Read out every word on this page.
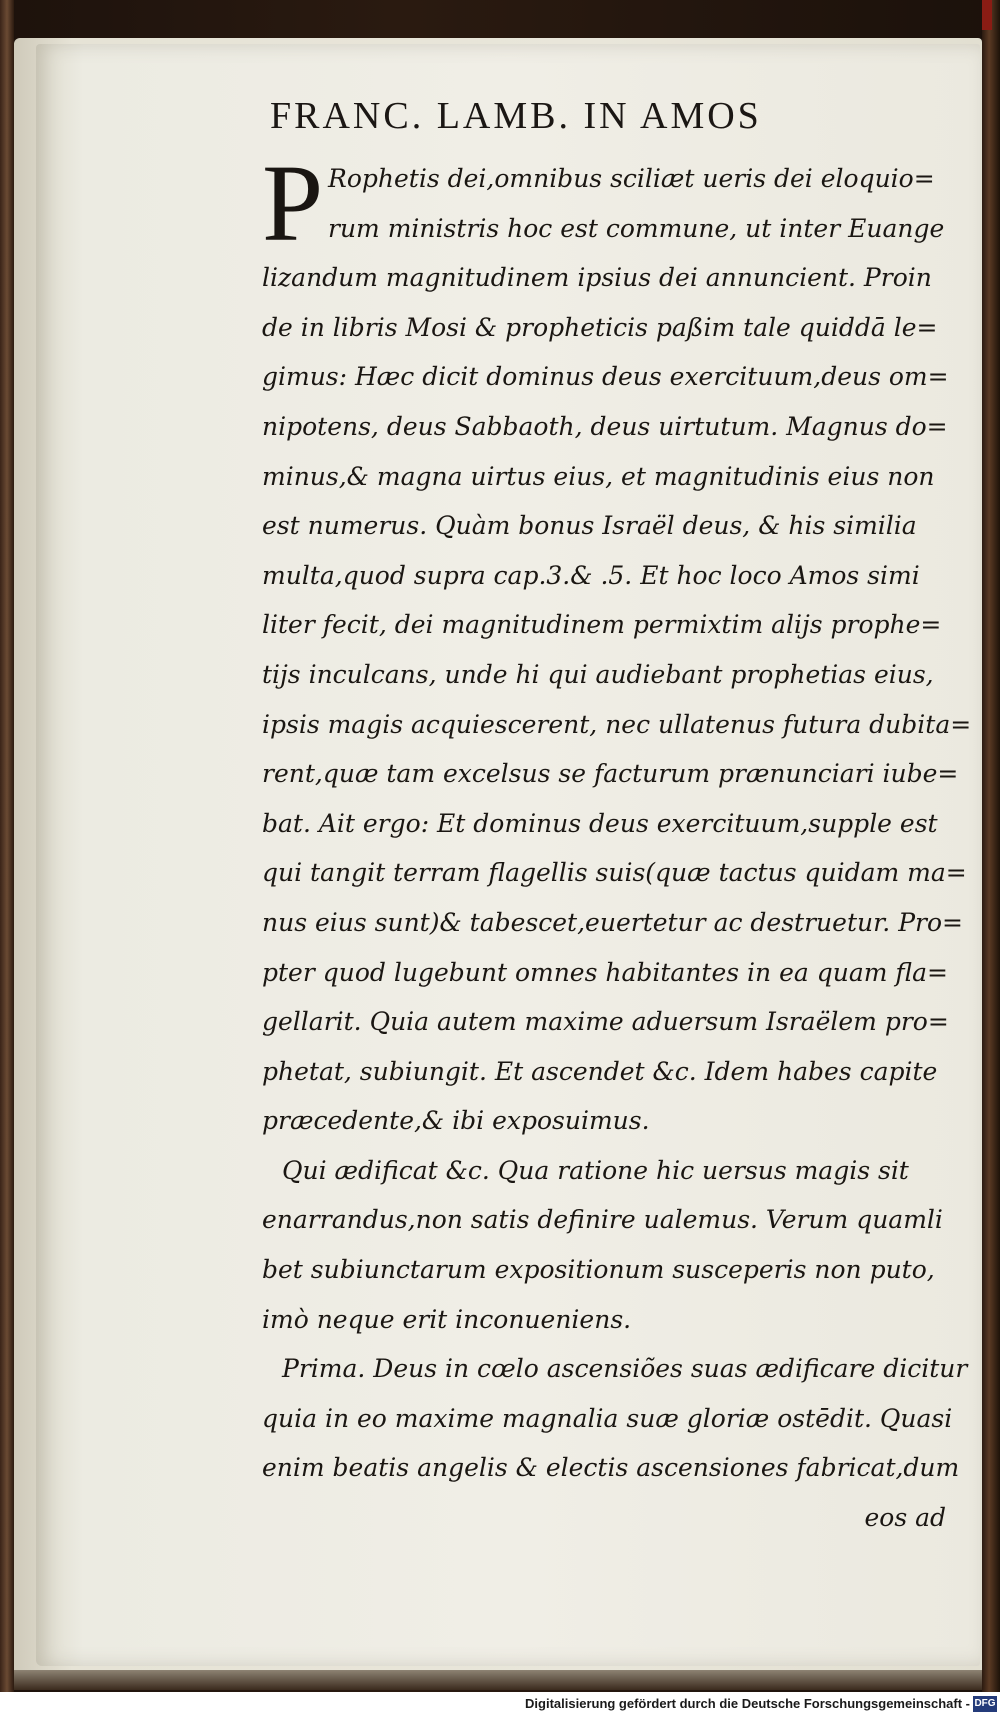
FRANC. LAMB. IN AMOS
P Rophetis dei,omnibus sciliæt ueris dei eloquio=
rum ministris hoc est commune, ut inter Euange
lizandum magnitudinem ipsius dei annuncient. Proin
de in libris Mosi & propheticis paßim tale quiddā le=
gimus: Hæc dicit dominus deus exercituum,deus om=
nipotens, deus Sabbaoth, deus uirtutum. Magnus do=
minus,& magna uirtus eius, et magnitudinis eius non
est numerus. Quàm bonus Israël deus, & his similia
multa,quod supra cap.3.& .5. Et hoc loco Amos simi
liter fecit, dei magnitudinem permixtim alijs prophe=
tijs inculcans, unde hi qui audiebant prophetias eius,
ipsis magis acquiescerent, nec ullatenus futura dubita=
rent,quæ tam excelsus se facturum prænunciari iube=
bat. Ait ergo: Et dominus deus exercituum,supple est
qui tangit terram flagellis suis(quæ tactus quidam ma=
nus eius sunt)& tabescet,euertetur ac destruetur. Pro=
pter quod lugebunt omnes habitantes in ea quam fla=
gellarit. Quia autem maxime aduersum Israëlem pro=
phetat, subiungit. Et ascendet &c. Idem habes capite
præcedente,& ibi exposuimus.
Qui ædificat &c. Qua ratione hic uersus magis sit
enarrandus,non satis definire ualemus. Verum quamli
bet subiunctarum expositionum susceperis non puto,
imò neque erit inconueniens.
Prima. Deus in cœlo ascensiões suas ædificare dicitur
quia in eo maxime magnalia suæ gloriæ ostēdit. Quasi
enim beatis angelis & electis ascensiones fabricat,dum
eos ad
Digitalisierung gefördert durch die Deutsche Forschungsgemeinschaft - DFG
